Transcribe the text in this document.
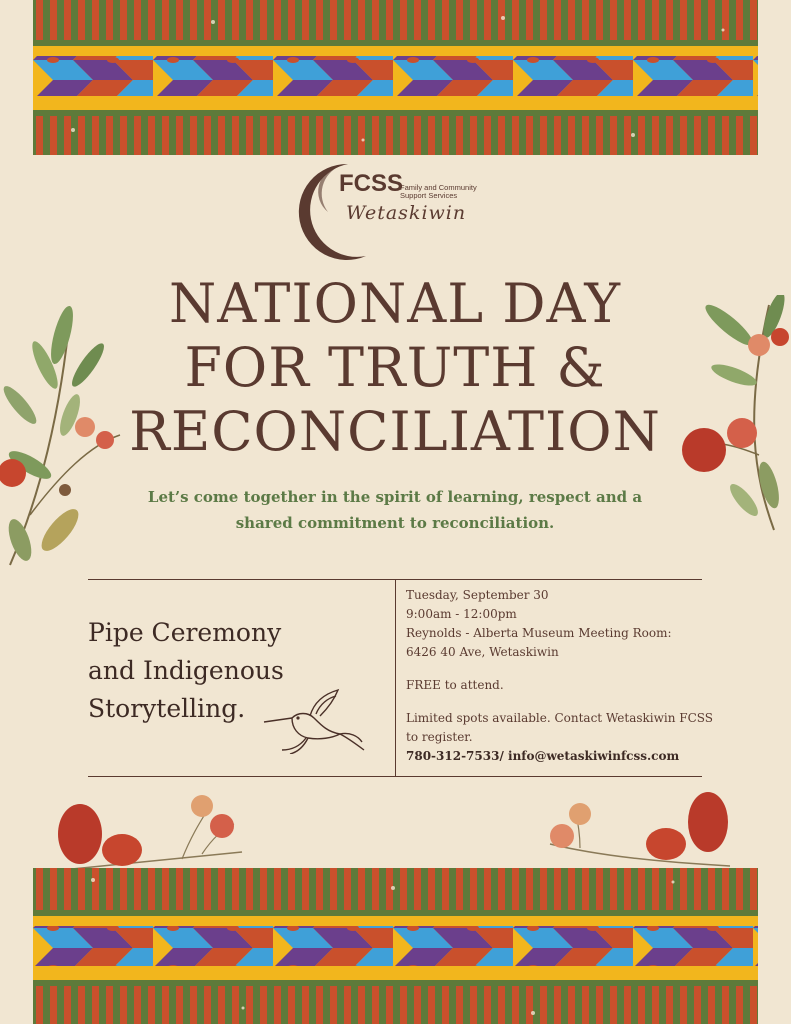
FCSS
Family and Community
Support Services
Wetaskiwin
NATIONAL DAY
FOR TRUTH &
RECONCILIATION
Let’s come together in the spirit of learning, respect and a
shared commitment to reconciliation.
Pipe Ceremony
and Indigenous
Storytelling.
Tuesday, September 30
9:00am - 12:00pm
Reynolds - Alberta Museum Meeting Room:
6426 40 Ave, Wetaskiwin
FREE to attend.
Limited spots available. Contact Wetaskiwin FCSS
to register.
780-312-7533/ info@wetaskiwinfcss.com
